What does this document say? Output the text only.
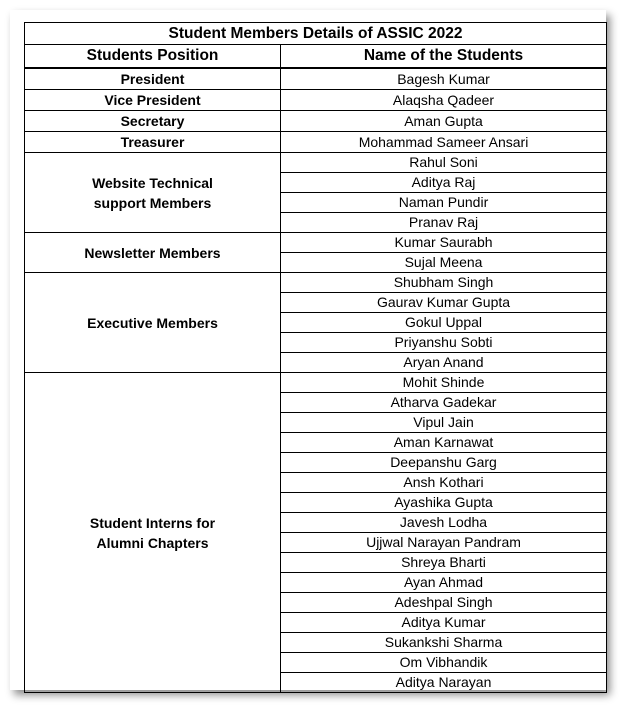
Student Members Details of ASSIC 2022	
Students Position	Name of the Students
President	Bagesh Kumar
Vice President	Alaqsha Qadeer
Secretary	Aman Gupta
Treasurer	Mohammad Sameer Ansari
Website Technical support Members	Rahul Soni
	Aditya Raj
	Naman Pundir
	Pranav Raj
Newsletter Members	Kumar Saurabh
	Sujal Meena
Executive Members	Shubham Singh
	Gaurav Kumar Gupta
	Gokul Uppal
	Priyanshu Sobti
	Aryan Anand
Student Interns for Alumni Chapters	Mohit Shinde
	Atharva Gadekar
	Vipul Jain
	Aman Karnawat
	Deepanshu Garg
	Ansh Kothari
	Ayashika Gupta
	Javesh Lodha
	Ujjwal Narayan Pandram
	Shreya Bharti
	Ayan Ahmad
	Adeshpal Singh
	Aditya Kumar
	Sukankshi Sharma
	Om Vibhandik
	Aditya Narayan
